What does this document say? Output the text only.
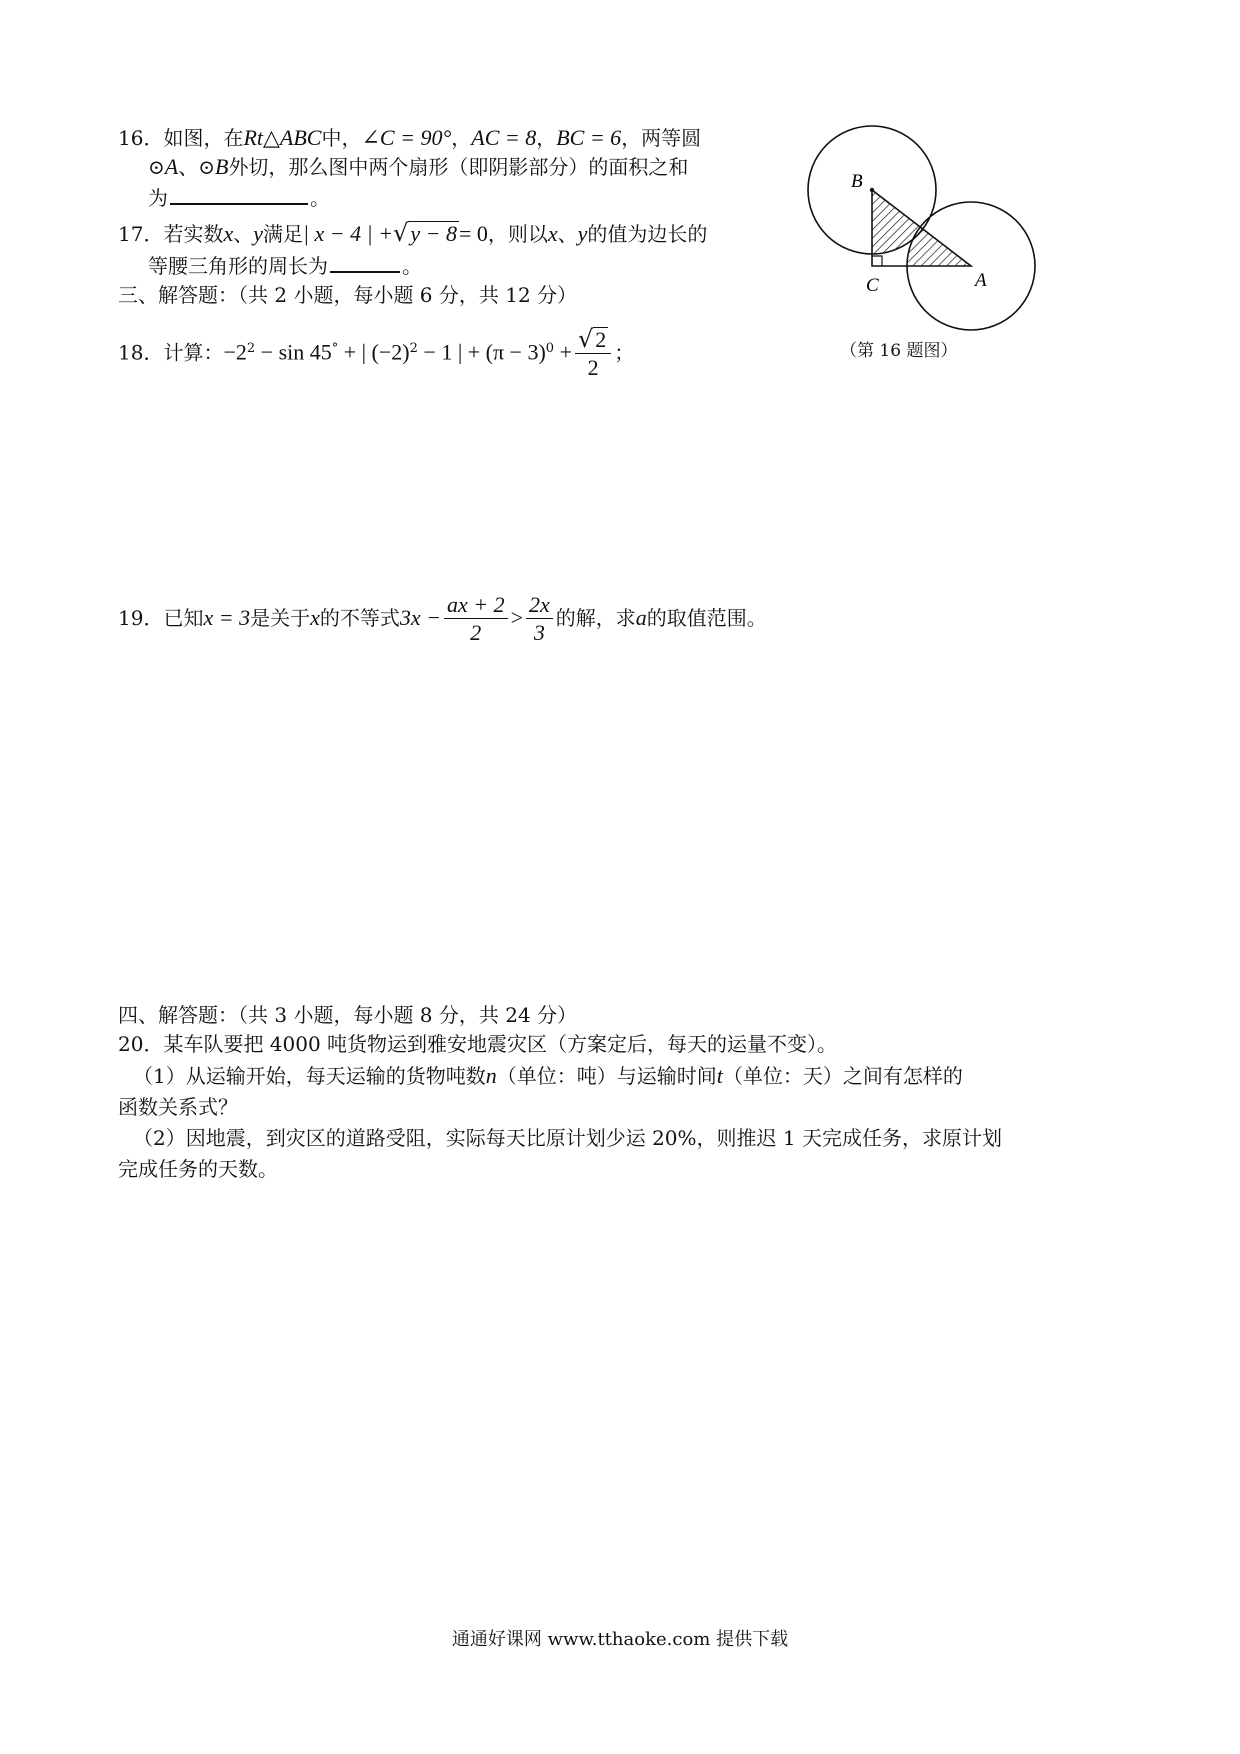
16．如图，在Rt△ABC中，∠C = 90°，AC = 8，BC = 6，两等圆
⊙A、⊙B外切，那么图中两个扇形（即阴影部分）的面积之和
为	。
17．若实数x、y满足| x − 4 | +√y − 8= 0，则以x、y的值为边长的
等腰三角形的周长为	。
三、解答题：（共 2 小题，每小题 6 分，共 12 分）
18．计算：$-2^2 - \sin 45^\circ$ + | $(-2)^2 - 1$ | + $(\pi - 3)^0 + \frac{√2}{2}$ ；
19．已知x = 3是关于x的不等式$3x - \frac{ax + 2}{2} > \frac{2x}{3}$ 的解，求a的取值范围。
四、解答题：（共 3 小题，每小题 8 分，共 24 分）
20．某车队要把 4000 吨货物运到雅安地震灾区（方案定后，每天的运量不变）。
（1）从运输开始，每天运输的货物吨数n（单位：吨）与运输时间t（单位：天）之间有怎样的
函数关系式？
（2）因地震，到灾区的道路受阻，实际每天比原计划少运 20%，则推迟 1 天完成任务，求原计划
完成任务的天数。
B
C	A
（第 16 题图）
通通好课网 www.tthaoke.com 提供下载
